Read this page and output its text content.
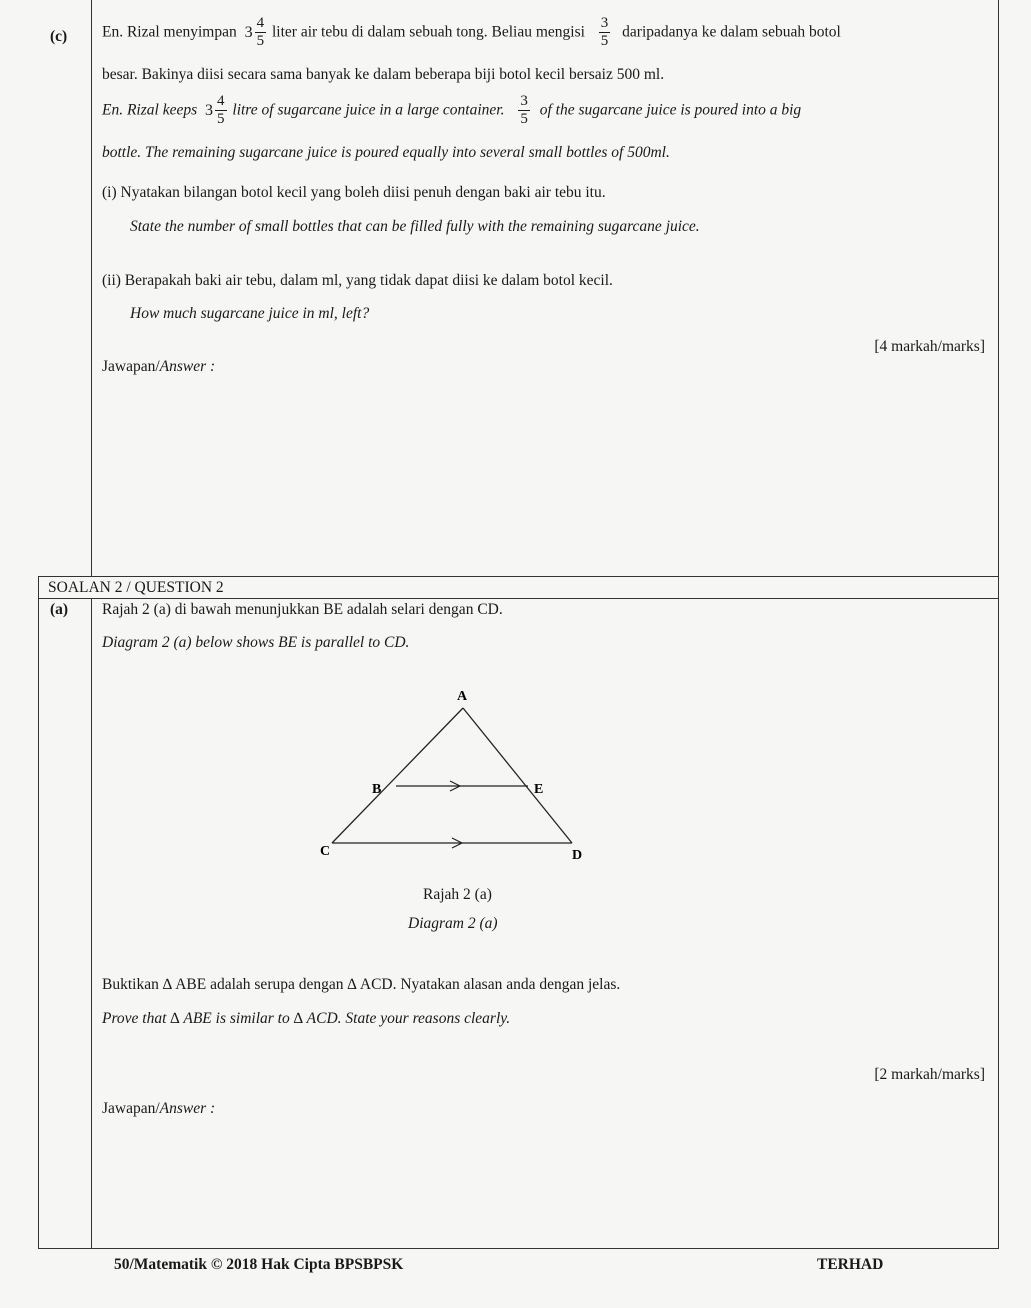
(c) En. Rizal menyimpan $3 \frac{4}{5}$ liter air tebu di dalam sebuah tong. Beliau mengisi $\frac{3}{5}$ daripadanya ke dalam sebuah botol
besar. Bakinya diisi secara sama banyak ke dalam beberapa biji botol kecil bersaiz 500 ml.
En. Rizal keeps $3 \frac{4}{5}$ litre of sugarcane juice in a large container. $\frac{3}{5}$ of the sugarcane juice is poured into a big
bottle. The remaining sugarcane juice is poured equally into several small bottles of 500ml.
(i) Nyatakan bilangan botol kecil yang boleh diisi penuh dengan baki air tebu itu.
State the number of small bottles that can be filled fully with the remaining sugarcane juice.
(ii) Berapakah baki air tebu, dalam ml, yang tidak dapat diisi ke dalam botol kecil.
How much sugarcane juice in ml, left?
[4 markah/marks]
Jawapan/Answer :
SOALAN 2 / QUESTION 2
(a) Rajah 2 (a) di bawah menunjukkan BE adalah selari dengan CD.
Diagram 2 (a) below shows BE is parallel to CD.
A
B	E
C	D
Rajah 2 (a)
Diagram 2 (a)
Buktikan ∆ ABE adalah serupa dengan ∆ ACD. Nyatakan alasan anda dengan jelas.
Prove that ∆ ABE is similar to ∆ ACD. State your reasons clearly.
[2 markah/marks]
Jawapan/Answer :
50/Matematik © 2018 Hak Cipta BPSBPSK	TERHAD
